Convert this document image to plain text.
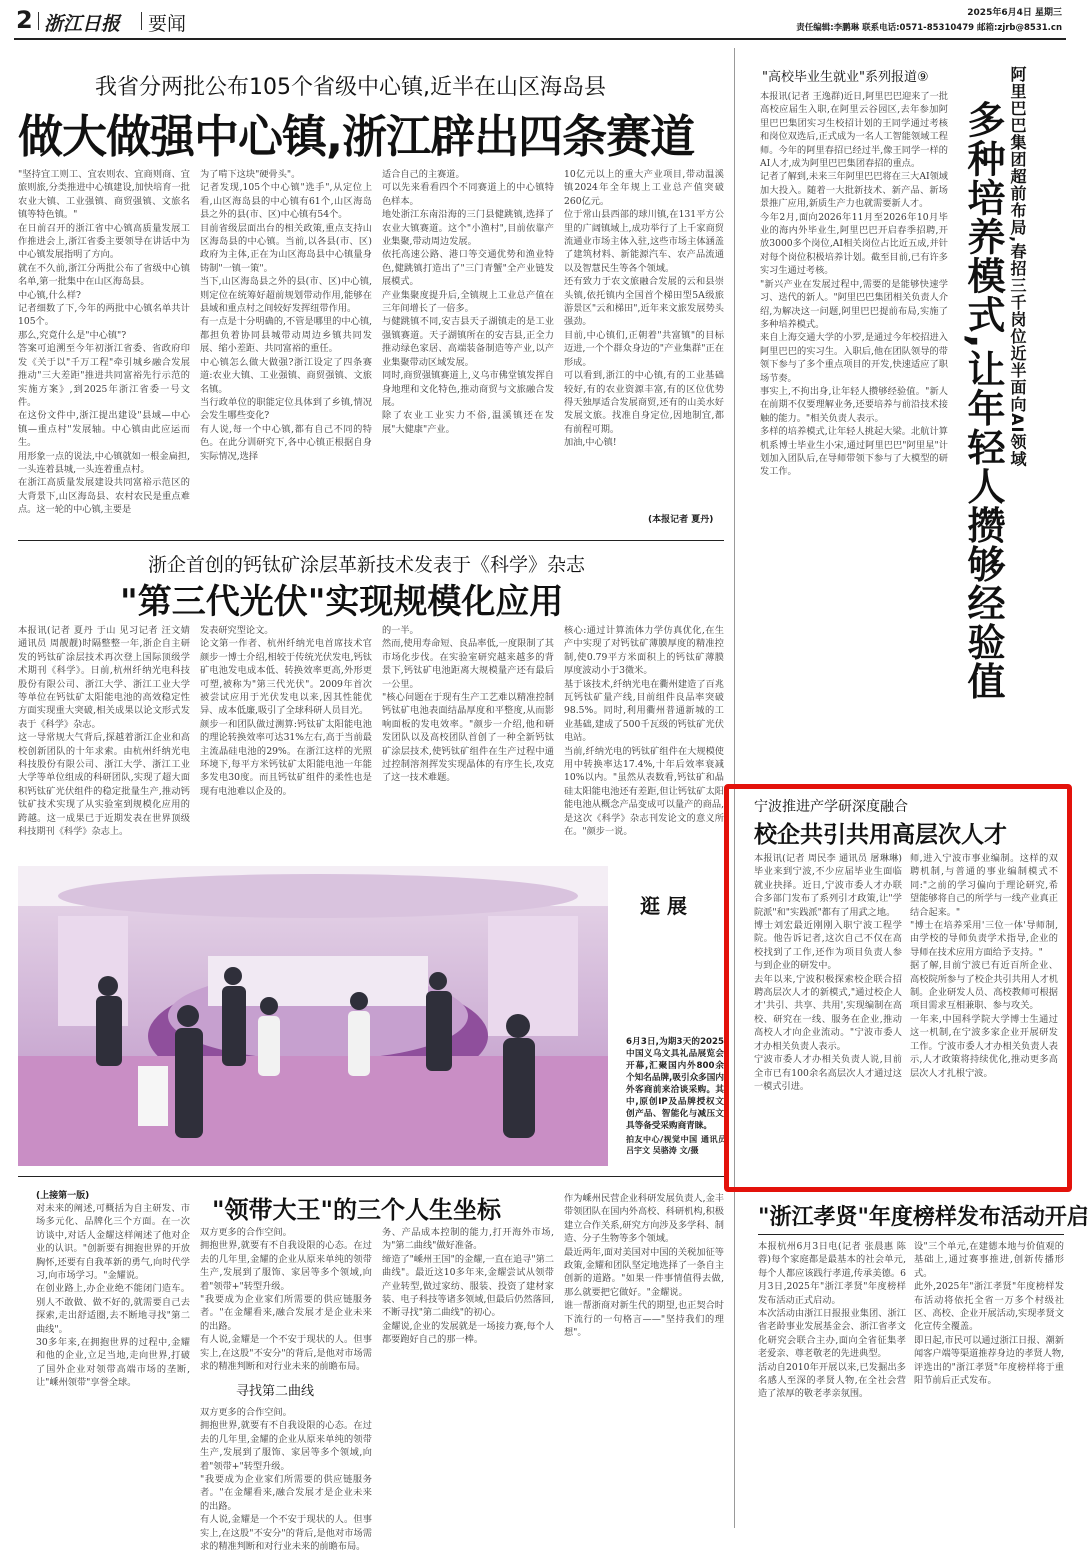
2 浙江日报 要闻	2025年6月4日 星期三
责任编辑:李鹏琳 联系电话:0571-85310479 邮箱:zjrb@8531.cn
我省分两批公布105个省级中心镇,近半在山区海岛县
做大做强中心镇,浙江辟出四条赛道
"坚持宜工则工、宜农则农、宜商则商、宜旅则旅,分类推进中心镇建设,加快培育一批农业大镇、工业强镇、商贸强镇、文旅名镇等特色镇。"
在日前召开的浙江省中心镇高质量发展工作推进会上,浙江省委主要领导在讲话中为中心镇发展指明了方向。
就在不久前,浙江分两批公布了省级中心镇名单,第一批集中在山区海岛县。
中心镇,什么样?
记者细数了下,今年的两批中心镇名单共计105个。
那么,究竟什么是"中心镇"?
答案可追溯至今年初浙江省委、省政府印发《关于以"千万工程"牵引城乡融合发展推动"三大差距"推进共同富裕先行示范的实施方案》,到2025年浙江省委一号文件。
在这份文件中,浙江提出建设"县域—中心镇—重点村"发展轴。中心镇由此应运而生。
用形象一点的说法,中心镇就如一根金扁担,一头连着县城,一头连着重点村。
在浙江高质量发展建设共同富裕示范区的大背景下,山区海岛县、农村农民是重点难点。这一轮的中心镇,主要是
为了啃下这块"硬骨头"。
记者发现,105个中心镇"选手",从定位上看,山区海岛县的中心镇有61个,山区海岛县之外的县(市、区)中心镇有54个。
目前省级层面出台的相关政策,重点支持山区海岛县的中心镇。当前,以各县(市、区)政府为主体,正在为山区海岛县中心镇量身铸制"一镇一策"。
当下,山区海岛县之外的县(市、区)中心镇,则定位在统筹好超前规划带动作用,能够在县域和重点村之间较好发挥纽带作用。
有一点是十分明确的,不管是哪里的中心镇,都担负着协同县城带动周边乡镇共同发展、缩小差距、共同富裕的重任。
中心镇怎么做大做强?浙江设定了四条赛道:农业大镇、工业强镇、商贸强镇、文旅名镇。
当行政单位的职能定位具体到了乡镇,情况会发生哪些变化?
有人说,每一个中心镇,都有自己不同的特色。在此分训研究下,各中心镇正根据自身实际情况,选择
适合自己的主赛道。
可以先来看看四个不同赛道上的中心镇特色样本。
地处浙江东南沿海的三门县健跳镇,选择了农业大镇赛道。这个"小渔村",目前依靠产业集聚,带动周边发展。
依托高速公路、港口等交通优势和渔业特色,健跳镇打造出了"三门青蟹"全产业链发展模式。
产业集聚度提升后,全镇规上工业总产值在三年间增长了一倍多。
与健跳镇不同,安吉县天子湖镇走的是工业强镇赛道。天子湖镇所在的安吉县,正全力推动绿色家居、高端装备制造等产业,以产业集聚带动区域发展。
同时,商贸强镇赛道上,义乌市佛堂镇发挥自身地理和文化特色,推动商贸与文旅融合发展。
除了农业工业实力不俗,温溪镇还在发展"大健康"产业。
10亿元以上的重大产业项目,带动温溪镇2024年全年规上工业总产值突破260亿元。
位于常山县西部的球川镇,在131平方公里的广阔镇域上,成功举行了上千家商贸流通业市场主体入驻,这些市场主体涵盖了建筑材料、新能源汽车、农产品流通以及智慧民生等各个领域。
还有致力于农文旅融合发展的云和县崇头镇,依托镇内全国首个梯田型5A级旅游景区"云和梯田",近年来文旅发展势头强劲。
目前,中心镇们,正朝着"共富镇"的目标迈进,一个个群众身边的"产业集群"正在形成。
可以看到,浙江的中心镇,有的工业基础较好,有的农业资源丰富,有的区位优势得天独厚适合发展商贸,还有的山美水好发展文旅。找准自身定位,因地制宜,都有前程可期。
加油,中心镇!
(本报记者 夏丹)
浙企首创的钙钛矿涂层革新技术发表于《科学》杂志
"第三代光伏"实现规模化应用
本报讯(记者 夏丹 于山 见习记者 汪文婧 通讯员 周靓靓)时隔整整一年,浙企自主研发的钙钛矿涂层技术再次登上国际顶级学术期刊《科学》。日前,杭州纤纳光电科技股份有限公司、浙江大学、浙江工业大学等单位在钙钛矿太阳能电池的高效稳定性方面实现重大突破,相关成果以论文形式发表于《科学》杂志。
这一导常规大气背后,探越着浙江企业和高校创新团队的十年求索。由杭州纤纳光电科技股份有限公司、浙江大学、浙江工业大学等单位组成的科研团队,实现了超大面积钙钛矿光伏组件的稳定批量生产,推动钙钛矿技术实现了从实验室到规模化应用的跨越。这一成果已于近期发表在世界顶级科技期刊《科学》杂志上。
发表研究型论文。
论文第一作者、杭州纤纳光电首席技术官颜步一博士介绍,相较于传统光伏发电,钙钛矿电池发电成本低、转换效率更高,外形更可塑,被称为"第三代光伏"。2009年首次被尝试应用于光伏发电以来,因其性能优异、成本低廉,吸引了全球科研人员目光。
颜步一和团队做过测算:钙钛矿太阳能电池的理论转换效率可达31%左右,高于当前最主流晶硅电池的29%。在浙江这样的光照环境下,每平方米钙钛矿太阳能电池一年能多发电30度。而且钙钛矿组件的柔性也是现有电池难以企及的。
的一半。
然而,使用寿命短、良品率低,一度限制了其市场化步伐。在实验室研究越来越多的背景下,钙钛矿电池距离大规模量产还有最后一公里。
"核心问题在于现有生产工艺难以精准控制钙钛矿电池表面结晶厚度和平整度,从而影响面板的发电效率。"颜步一介绍,他和研发团队以及高校团队首创了一种全新钙钛矿涂层技术,使钙钛矿组件在生产过程中通过控制溶剂挥发实现晶体的有序生长,攻克了这一技术难题。
核心:通过计算流体力学仿真优化,在生产中实现了对钙钛矿薄膜厚度的精准控制,使0.79平方米面积上的钙钛矿薄膜厚度波动小于3微米。
基于该技术,纤纳光电在衢州建造了百兆瓦钙钛矿量产线,目前组件良品率突破98.5%。同时,利用衢州普通新城的工业基础,建成了500千瓦级的钙钛矿光伏电站。
当前,纤纳光电的钙钛矿组件在大规模使用中转换率达17.4%,十年后效率衰减10%以内。"虽然从表数看,钙钛矿和晶硅太阳能电池还有差距,但让钙钛矿太阳能电池从概念产品变成可以量产的商品,是这次《科学》杂志刊发论文的意义所在。"颜步一说。
逛 展
6月3日,为期3天的2025中国义乌文具礼品展览会开幕,汇聚国内外800余个知名品牌,吸引众多国内外客商前来洽谈采购。其中,原创IP及品牌授权文创产品、智能化与减压文具等备受采购商青睐。
拍友中心/视觉中国 通讯员 吕宇文 吴骆涛 文/摄
(上接第一版)	"领带大王"的三个人生坐标
对未来的阐述,可概括为自主研发、市场多元化、品牌化三个方面。在一次访谈中,对话人金耀这样阐述了他对企业的认识。"创新要有拥抱世界的开放胸怀,还要有自我革新的勇气,向时代学习,向市场学习。"金耀说。
在创业路上,办企业绝不能闭门造车。别人不敢做、做不好的,就需要自己去探索,走出舒适圈,去不断地寻找"第二曲线"。
30多年来,在拥抱世界的过程中,金耀和他的企业,立足当地,走向世界,打破了国外企业对领带高端市场的垄断,让"嵊州领带"享誉全球。
双方更多的合作空间。
拥抱世界,就要有不自我设限的心态。在过去的几年里,金耀的企业从原来单纯的领带生产,发展到了服饰、家居等多个领域,向着"领带+"转型升级。
"我要成为企业家们所需要的供应链服务者。"在金耀看来,融合发展才是企业未来的出路。
有人说,金耀是一个不安于现状的人。但事实上,在这股"不安分"的背后,是他对市场需求的精准判断和对行业未来的前瞻布局。
寻找第二曲线
双方更多的合作空间。
拥抱世界,就要有不自我设限的心态。在过去的几年里,金耀的企业从原来单纯的领带生产,发展到了服饰、家居等多个领域,向着"领带+"转型升级。
"我要成为企业家们所需要的供应链服务者。"在金耀看来,融合发展才是企业未来的出路。
有人说,金耀是一个不安于现状的人。但事实上,在这股"不安分"的背后,是他对市场需求的精准判断和对行业未来的前瞻布局。
务、产品成本控制的能力,打开海外市场,为"第二曲线"做好准备。
缔造了"嵊州王国"的金耀,一直在追寻"第二曲线"。最近这10多年来,金耀尝试从领带产业转型,做过家纺、服装、投资了建材家装、电子科技等诸多领域,但最后仍然落回,不断寻找"第二曲线"的初心。
金耀说,企业的发展就是一场接力赛,每个人都要跑好自己的那一棒。
作为嵊州民营企业科研发展负责人,金丰带领团队在国内外高校、科研机构,积极建立合作关系,研究方向涉及多学科、制造、分子生物等多个领域。
最近两年,面对美国对中国的关税加征等政策,金耀和团队坚定地选择了一条自主创新的道路。"如果一件事情值得去做,那么就要把它做好。"金耀说。
谁一帮浙商对新生代的期望,也正契合时下流行的一句格言——"坚持我们的理想"。
"高校毕业生就业"系列报道⑨	阿里巴巴集团超前布局,春招三千岗位近半面向AI领域
多种培养模式,让年轻人攒够经验值
本报讯(记者 王逸群)近日,阿里巴巴迎来了一批高校应届生入职,在阿里云谷园区,去年参加阿里巴巴集团实习生校招计划的王同学通过考核和岗位双选后,正式成为一名人工智能领域工程师。今年的阿里春招已经过半,像王同学一样的AI人才,成为阿里巴巴集团春招的重点。
记者了解到,未来三年阿里巴巴将在三大AI领域加大投入。随着一大批新技术、新产品、新场景推广应用,新质生产力也就需要新人才。
今年2月,面向2026年11月至2026年10月毕业的海内外毕业生,阿里巴巴开启春季招聘,开放3000多个岗位,AI相关岗位占比近五成,并针对每个岗位积极培养计划。截至目前,已有许多实习生通过考核。
"新兴产业在发展过程中,需要的是能够快速学习、迭代的新人。"阿里巴巴集团相关负责人介绍,为解决这一问题,阿里巴巴提前布局,实施了多种培养模式。
来自上海交通大学的小罗,是通过今年校招进入阿里巴巴的实习生。入职后,他在团队领导的带领下参与了多个重点项目的开发,快速适应了职场节奏。
事实上,不拘出身,让年轻人攒够经验值。"新人在前期不仅要理解业务,还要培养与前沿技术接触的能力。"相关负责人表示。
多样的培养模式,让年轻人挑起大梁。北航计算机系博士毕业生小宋,通过阿里巴巴"阿里星"计划加入团队后,在导师带领下参与了大模型的研发工作。
宁波推进产学研深度融合
校企共引共用高层次人才
本报讯(记者 周民李 通讯员 屠琳琳)毕业来到宁波,不少应届毕业生面临就业抉择。近日,宁波市委人才办联合多部门发布了系列引才政策,让"学院派"和"实践派"都有了用武之地。
博士刘宏最近刚刚入职宁波工程学院。他告诉记者,这次自己不仅在高校找到了工作,还作为项目负责人参与到企业的研发中。
去年以来,宁波积极探索校企联合招聘高层次人才的新模式,"通过校企人才'共引、共享、共用',实现编制在高校、研究在一线、服务在企业,推动高校人才向企业流动。"宁波市委人才办相关负责人表示。
宁波市委人才办相关负责人说,目前全市已有100余名高层次人才通过这一模式引进。
师,进入宁波市事业编制。这样的双聘机制,与普通的事业编制模式不同:"之前的学习偏向于理论研究,希望能够将自己的所学与一线产业真正结合起来。"
"博士在培养采用'三位一体'导师制,由学校的导师负责学术指导,企业的导师在技术应用方面给予支持。"
据了解,目前宁波已有近百所企业、高校院所参与了校企共引共用人才机制。企业研发人员、高校教师可根据项目需求互相兼职、参与攻关。
一年来,中国科学院大学博士生通过这一机制,在宁波多家企业开展研发工作。宁波市委人才办相关负责人表示,人才政策将持续优化,推动更多高层次人才扎根宁波。
"浙江孝贤"年度榜样发布活动开启
本报杭州6月3日电(记者 张晨惠 陈蓉)每个家庭都是最基本的社会单元,每个人都应该践行孝道,传承美德。6月3日,2025年"浙江孝贤"年度榜样发布活动正式启动。
本次活动由浙江日报报业集团、浙江省老龄事业发展基金会、浙江省孝文化研究会联合主办,面向全省征集孝老爱亲、尊老敬老的先进典型。
活动自2010年开展以来,已发掘出多名感人至深的孝贤人物,在全社会营造了浓厚的敬老孝亲氛围。
设"三个单元,在建德本地与价值观的基础上,通过赛事推进,创新传播形式。
此外,2025年"浙江孝贤"年度榜样发布活动将依托全省一万多个村级社区、高校、企业开展活动,实现孝贤文化宣传全覆盖。
即日起,市民可以通过浙江日报、潮新闻客户端等渠道推荐身边的孝贤人物,评选出的"浙江孝贤"年度榜样将于重阳节前后正式发布。
